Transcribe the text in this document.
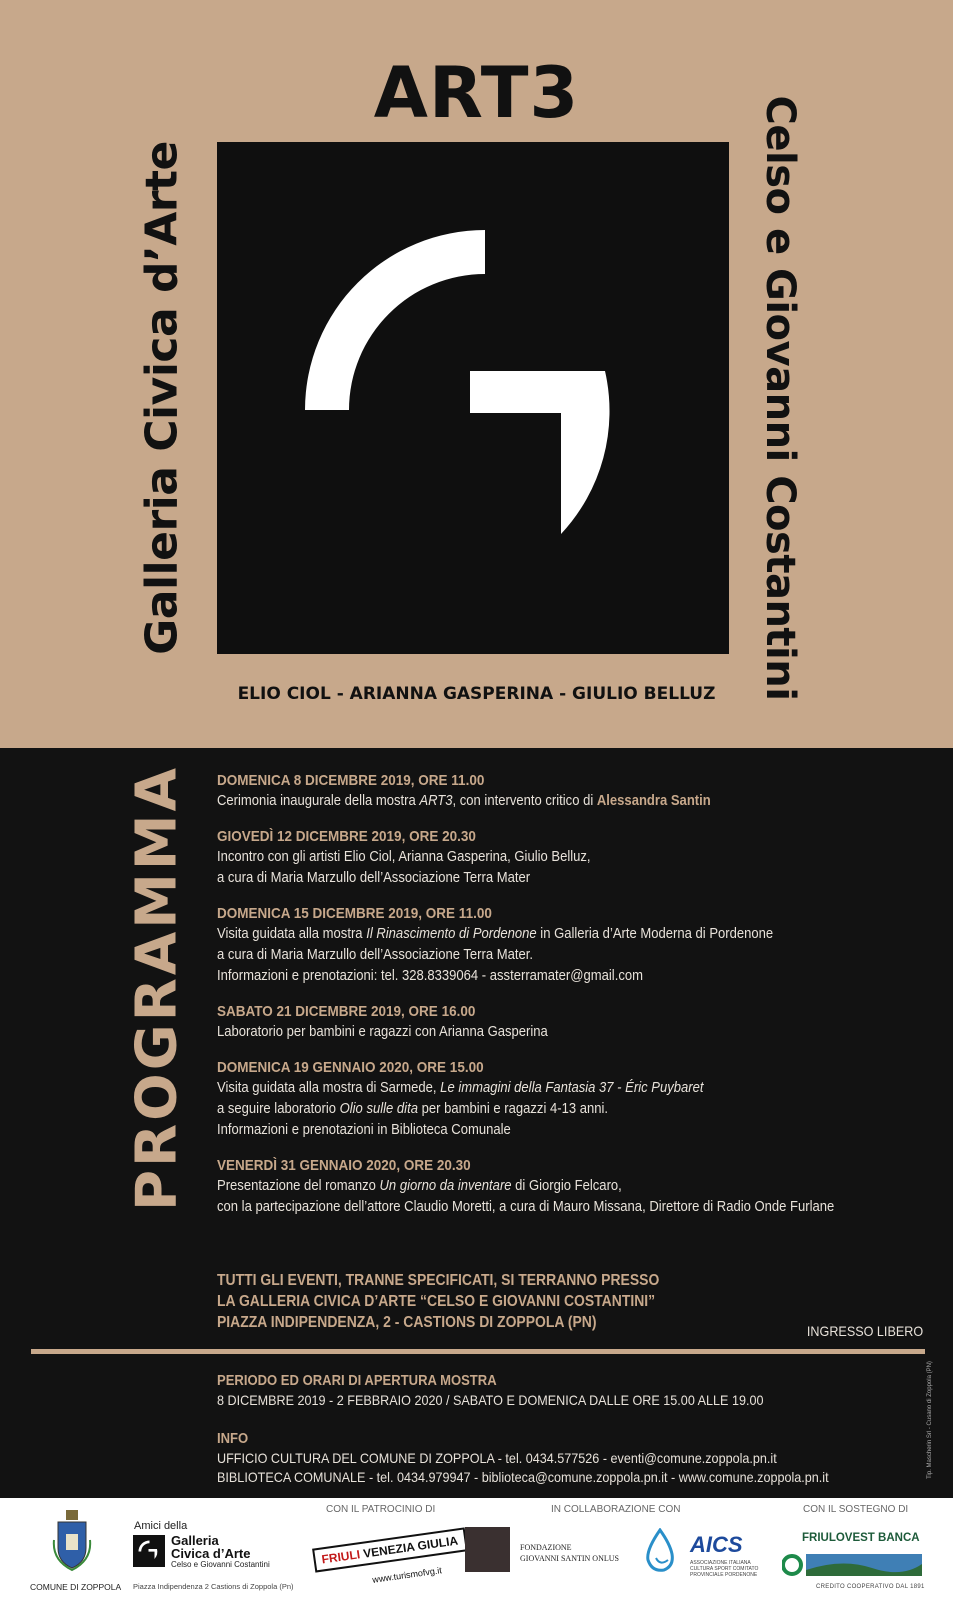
ART3
Galleria Civica d’Arte	Celso e Giovanni Costantini
ELIO CIOL - ARIANNA GASPERINA - GIULIO BELLUZ
PROGRAMMA DOMENICA 8 DICEMBRE 2019, ORE 11.00
Cerimonia inaugurale della mostra ART3, con intervento critico di Alessandra Santin
GIOVEDÌ 12 DICEMBRE 2019, ORE 20.30
Incontro con gli artisti Elio Ciol, Arianna Gasperina, Giulio Belluz,
a cura di Maria Marzullo dell’Associazione Terra Mater
DOMENICA 15 DICEMBRE 2019, ORE 11.00
Visita guidata alla mostra Il Rinascimento di Pordenone in Galleria d’Arte Moderna di Pordenone
a cura di Maria Marzullo dell’Associazione Terra Mater.
Informazioni e prenotazioni: tel. 328.8339064 - assterramater@gmail.com
SABATO 21 DICEMBRE 2019, ORE 16.00
Laboratorio per bambini e ragazzi con Arianna Gasperina
DOMENICA 19 GENNAIO 2020, ORE 15.00
Visita guidata alla mostra di Sarmede, Le immagini della Fantasia 37 - Éric Puybaret
a seguire laboratorio Olio sulle dita per bambini e ragazzi 4-13 anni.
Informazioni e prenotazioni in Biblioteca Comunale
VENERDÌ 31 GENNAIO 2020, ORE 20.30
Presentazione del romanzo Un giorno da inventare di Giorgio Felcaro,
con la partecipazione dell’attore Claudio Moretti, a cura di Mauro Missana, Direttore di Radio Onde Furlane
TUTTI GLI EVENTI, TRANNE SPECIFICATI, SI TERRANNO PRESSO
LA GALLERIA CIVICA D’ARTE “CELSO E GIOVANNI COSTANTINI”
PIAZZA INDIPENDENZA, 2 - CASTIONS DI ZOPPOLA (PN)	INGRESSO LIBERO
PERIODO ED ORARI DI APERTURA MOSTRA
8 DICEMBRE 2019 - 2 FEBBRAIO 2020 / SABATO E DOMENICA DALLE ORE 15.00 ALLE 19.00
INFO
UFFICIO CULTURA DEL COMUNE DI ZOPPOLA - tel. 0434.577526 - eventi@comune.zoppola.pn.it
BIBLIOTECA COMUNALE - tel. 0434.979947 - biblioteca@comune.zoppola.pn.it - www.comune.zoppola.pn.it	Tip. Mascherin Srl - Cusano di Zoppola (PN)
COMUNE DI ZOPPOLA
Amici della
Galleria
Civica d’Arte
Celso e Giovanni Costantini
Piazza Indipendenza 2 Castions di Zoppola (Pn)
CON IL PATROCINIO DI
FRIULI VENEZIA GIULIA
www.turismofvg.it
IN COLLABORAZIONE CON
FONDAZIONE
GIOVANNI SANTIN ONLUS
AICS
ASSOCIAZIONE ITALIANA CULTURA SPORT COMITATO PROVINCIALE PORDENONE
CON IL SOSTEGNO DI
FRIULOVEST BANCA
CREDITO COOPERATIVO DAL 1891
